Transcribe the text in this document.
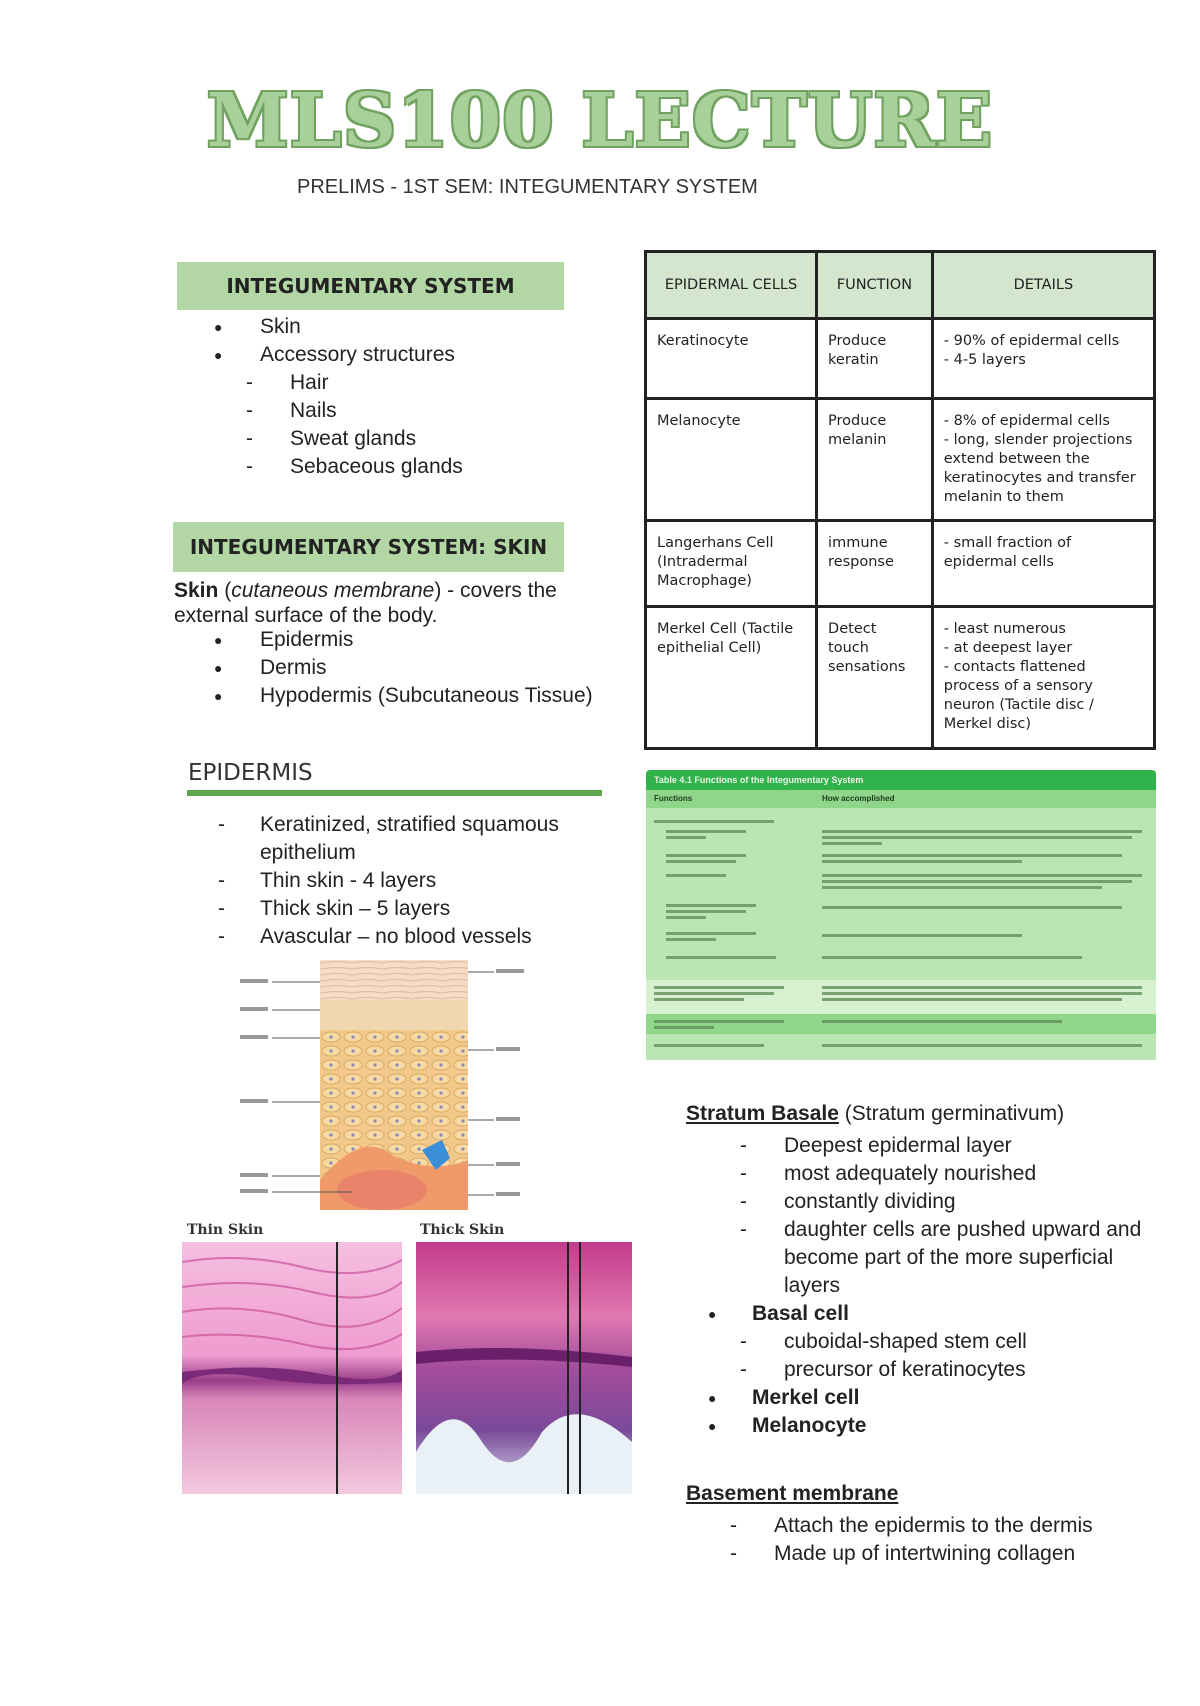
MLS100 LECTURE
PRELIMS - 1ST SEM: INTEGUMENTARY SYSTEM
INTEGUMENTARY SYSTEM
● Skin
● Accessory structures
- Hair
- Nails
- Sweat glands
- Sebaceous glands
INTEGUMENTARY SYSTEM: SKIN
Skin (cutaneous membrane) - covers the external surface of the body.
● Epidermis
● Dermis
● Hypodermis (Subcutaneous Tissue)
EPIDERMIS
- Keratinized, stratified squamous epithelium
- Thin skin - 4 layers
- Thick skin – 5 layers
- Avascular – no blood vessels
Thin Skin	Thick Skin
EPIDERMAL CELLS	FUNCTION	DETAILS
Keratinocyte	Produce keratin	- 90% of epidermal cells
- 4-5 layers

Melanocyte	Produce melanin	- 8% of epidermal cells
- long, slender projections extend between the keratinocytes and transfer melanin to them

Langerhans Cell (Intradermal Macrophage)	immune response	- small fraction of epidermal cells

Merkel Cell (Tactile epithelial Cell)	Detect touch sensations	- least numerous
- at deepest layer
- contacts flattened process of a sensory neuron (Tactile disc / Merkel disc)
Table 4.1 Functions of the Integumentary System
Functions	How accomplished
Stratum Basale (Stratum germinativum)
- Deepest epidermal layer
- most adequately nourished
- constantly dividing
- daughter cells are pushed upward and become part of the more superficial layers
● Basal cell
- cuboidal-shaped stem cell
- precursor of keratinocytes
● Merkel cell
● Melanocyte
Basement membrane
- Attach the epidermis to the dermis
- Made up of intertwining collagen
